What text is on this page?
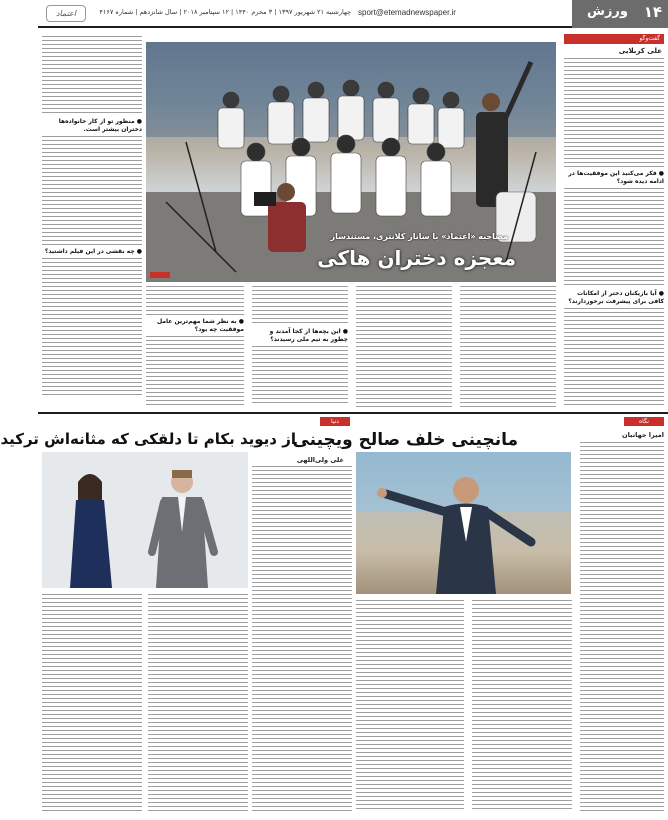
۱۴
ورزش
sport@etemadnewspaper.ir
چهارشنبه ۲۱ شهریور ۱۳۹۷ | ۳ محرم ۱۴۴۰ | ۱۲ سپتامبر ۲۰۱۸ | سال شانزدهم | شماره ۴۱۶۷
اعتماد
گفت‌وگو
علی کربلایی
● فکر می‌کنید این موفقیت‌ها در ادامه دیده شود؟
● آیا بازیکنان دختر از امکانات کافی برای پیشرفت برخوردارند؟
مصاحبه «اعتماد» با ساناز کلانتری، مستندساز
معجزه دختران هاکی
● این بچه‌ها از کجا آمدند و چطور به تیم ملی رسیدند؟
● به نظر شما مهم‌ترین عامل موفقیت چه بود؟
● منظور تو از کار خانواده‌ها دختران بیشتر است.
● چه نقشی در این فیلم داشتید؟
نگاه
مانچینی خلف صالح ویچینی	امیرا جهانیان
دنیا
از دیوید بکام تا دلقکی که مثانه‌اش ترکید
علی ولی‌اللهی
